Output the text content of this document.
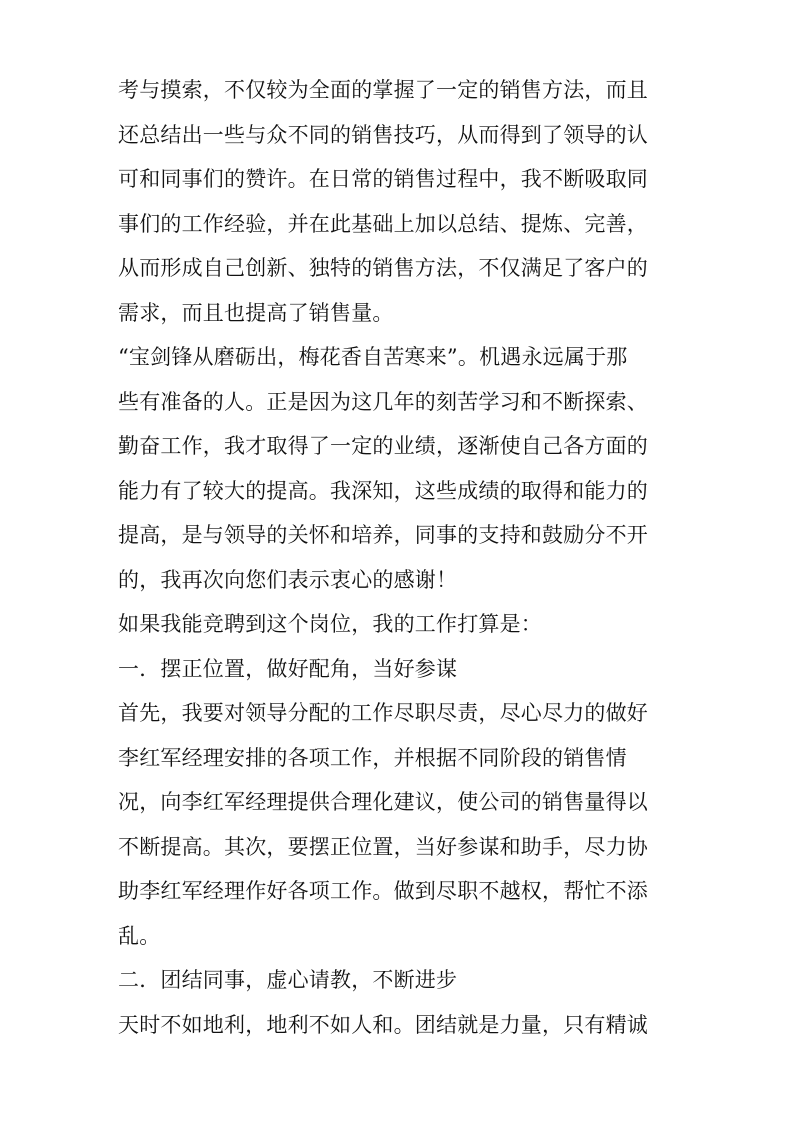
考与摸索，不仅较为全面的掌握了一定的销售方法，而且
还总结出一些与众不同的销售技巧，从而得到了领导的认
可和同事们的赞许。在日常的销售过程中，我不断吸取同
事们的工作经验，并在此基础上加以总结、提炼、完善，
从而形成自己创新、独特的销售方法，不仅满足了客户的
需求，而且也提高了销售量。
“宝剑锋从磨砺出，梅花香自苦寒来”。机遇永远属于那
些有准备的人。正是因为这几年的刻苦学习和不断探索、
勤奋工作，我才取得了一定的业绩，逐渐使自己各方面的
能力有了较大的提高。我深知，这些成绩的取得和能力的
提高，是与领导的关怀和培养，同事的支持和鼓励分不开
的，我再次向您们表示衷心的感谢！
如果我能竞聘到这个岗位，我的工作打算是：
一．摆正位置，做好配角，当好参谋
首先，我要对领导分配的工作尽职尽责，尽心尽力的做好
李红军经理安排的各项工作，并根据不同阶段的销售情
况，向李红军经理提供合理化建议，使公司的销售量得以
不断提高。其次，要摆正位置，当好参谋和助手，尽力协
助李红军经理作好各项工作。做到尽职不越权，帮忙不添
乱。
二．团结同事，虚心请教，不断进步
天时不如地利，地利不如人和。团结就是力量，只有精诚
